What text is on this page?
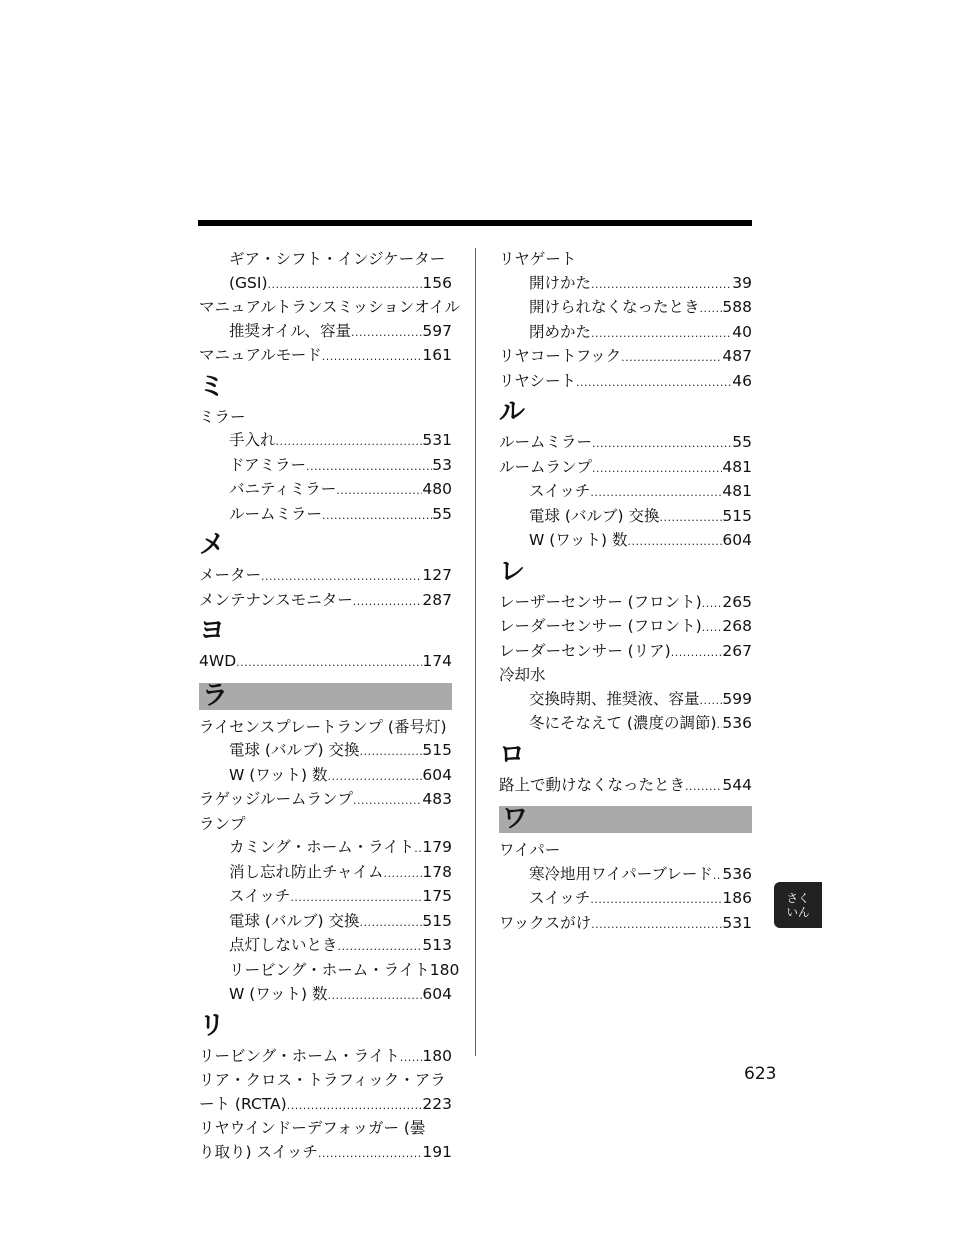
ギア・シフト・インジケーター
(GSI) .....	156
マニュアルトランスミッションオイル
推奨オイル、容量 .....	597
マニュアルモード .....	161
ミ
ミラー
手入れ .....	531
ドアミラー .....	53
バニティミラー .....	480
ルームミラー .....	55
メ
メーター .....	127
メンテナンスモニター .....	287
ヨ
4WD .....	174
ラ
ライセンスプレートランプ (番号灯)
電球 (バルブ) 交換 .....	515
W (ワット) 数 .....	604
ラゲッジルームランプ .....	483
ランプ
カミング・ホーム・ライト ..... 179
消し忘れ防止チャイム .....	178
スイッチ .....	175
電球 (バルブ) 交換 .....	515
点灯しないとき .....	513
リービング・ホーム・ライト 180
W (ワット) 数 .....	604
リ
リービング・ホーム・ライト ..... 180
リア・クロス・トラフィック・アラ
ート (RCTA) .....	223
リヤウインドーデフォッガー (曇
り取り) スイッチ .....	191
リヤゲート
開けかた .....	39
開けられなくなったとき ..... 588
閉めかた .....	40
リヤコートフック .....	487
リヤシート .....	46
ル
ルームミラー .....	55
ルームランプ .....	481
スイッチ .....	481
電球 (バルブ) 交換 .....	515
W (ワット) 数 .....	604
レ
レーザーセンサー (フロント) ..... 265
レーダーセンサー (フロント) ..... 268
レーダーセンサー (リア) .....	267
冷却水
交換時期、推奨液、容量 ..... 599
冬にそなえて (濃度の調節) ..... 536
ロ
路上で動けなくなったとき ..... 544
ワ
ワイパー
寒冷地用ワイパーブレード ..... 536
スイッチ .....	186
ワックスがけ .....	531
さく
いん
623
